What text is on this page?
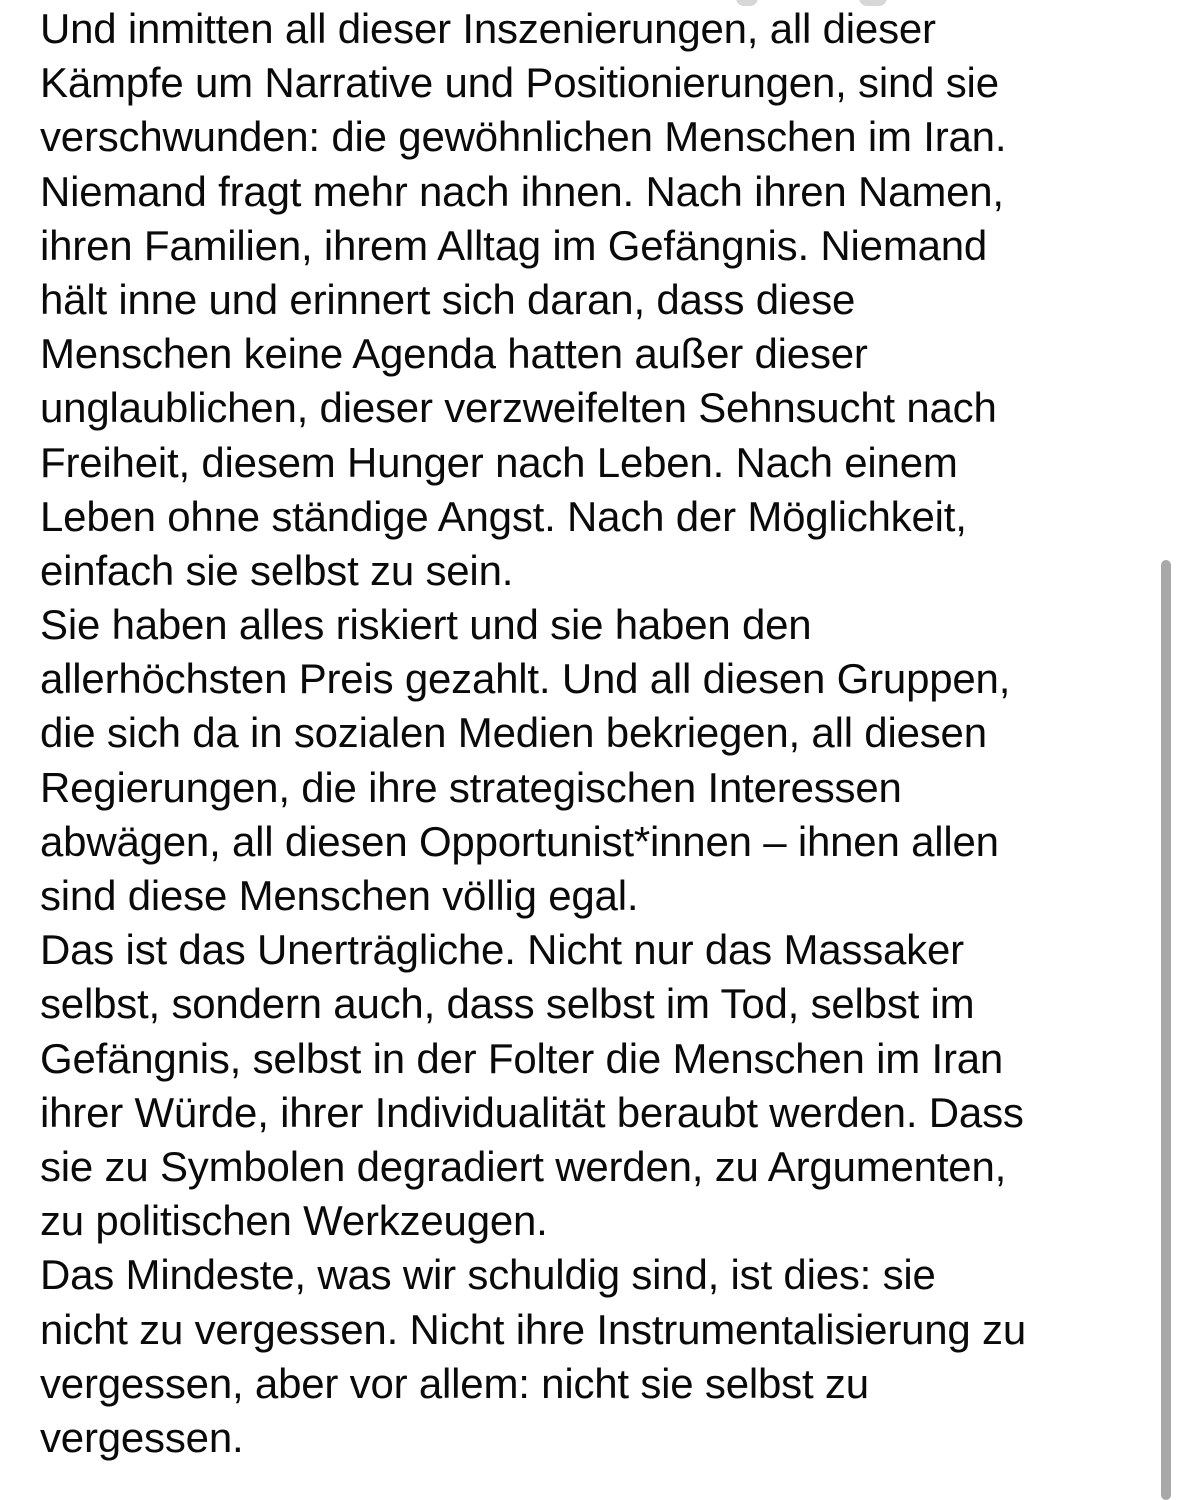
Und inmitten all dieser Inszenierungen, all dieser
Kämpfe um Narrative und Positionierungen, sind sie
verschwunden: die gewöhnlichen Menschen im Iran.
Niemand fragt mehr nach ihnen. Nach ihren Namen,
ihren Familien, ihrem Alltag im Gefängnis. Niemand
hält inne und erinnert sich daran, dass diese
Menschen keine Agenda hatten außer dieser
unglaublichen, dieser verzweifelten Sehnsucht nach
Freiheit, diesem Hunger nach Leben. Nach einem
Leben ohne ständige Angst. Nach der Möglichkeit,
einfach sie selbst zu sein.
Sie haben alles riskiert und sie haben den
allerhöchsten Preis gezahlt. Und all diesen Gruppen,
die sich da in sozialen Medien bekriegen, all diesen
Regierungen, die ihre strategischen Interessen
abwägen, all diesen Opportunist*innen – ihnen allen
sind diese Menschen völlig egal.
Das ist das Unerträgliche. Nicht nur das Massaker
selbst, sondern auch, dass selbst im Tod, selbst im
Gefängnis, selbst in der Folter die Menschen im Iran
ihrer Würde, ihrer Individualität beraubt werden. Dass
sie zu Symbolen degradiert werden, zu Argumenten,
zu politischen Werkzeugen.
Das Mindeste, was wir schuldig sind, ist dies: sie
nicht zu vergessen. Nicht ihre Instrumentalisierung zu
vergessen, aber vor allem: nicht sie selbst zu
vergessen.
